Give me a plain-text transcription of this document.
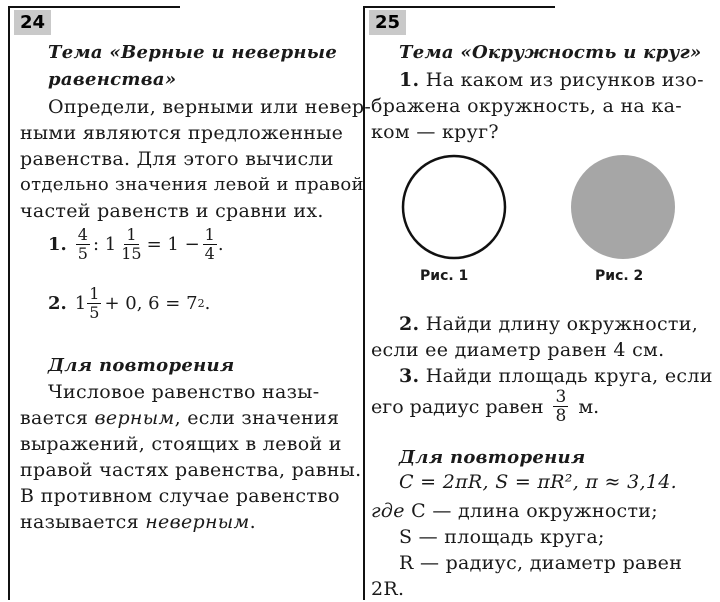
24
Тема «Верные и неверные
равенства»
Определи, верными или невер-
ными являются предложенные
равенства. Для этого вычисли
отдельно значения левой и правой
частей равенств и сравни их.
1. $\frac{4}{5}$ : $1 \frac{1}{15} = 1 - \frac{1}{4}$ .
2. $1 \frac{1}{5} + 0$, 6 = 7 2 .
Для повторения
Числовое равенство назы-
вается верным, если значения
выражений, стоящих в левой и
правой частях равенства, равны.
В противном случае равенство
называется неверным.
25
Тема «Окружность и круг»
1. На каком из рисунков изо-
бражена окружность, а на ка-
ком — круг?
Рис. 1	Рис. 2
2. Найди длину окружности,
если ее диаметр равен 4 см.
3. Найди площадь круга, если
его радиус равен $\frac{3}{8} м$.
Для повторения
C = 2πR, S = πR², π ≈ 3,14.
где C — длина окружности;
S — площадь круга;
R — радиус, диаметр равен
2R.
